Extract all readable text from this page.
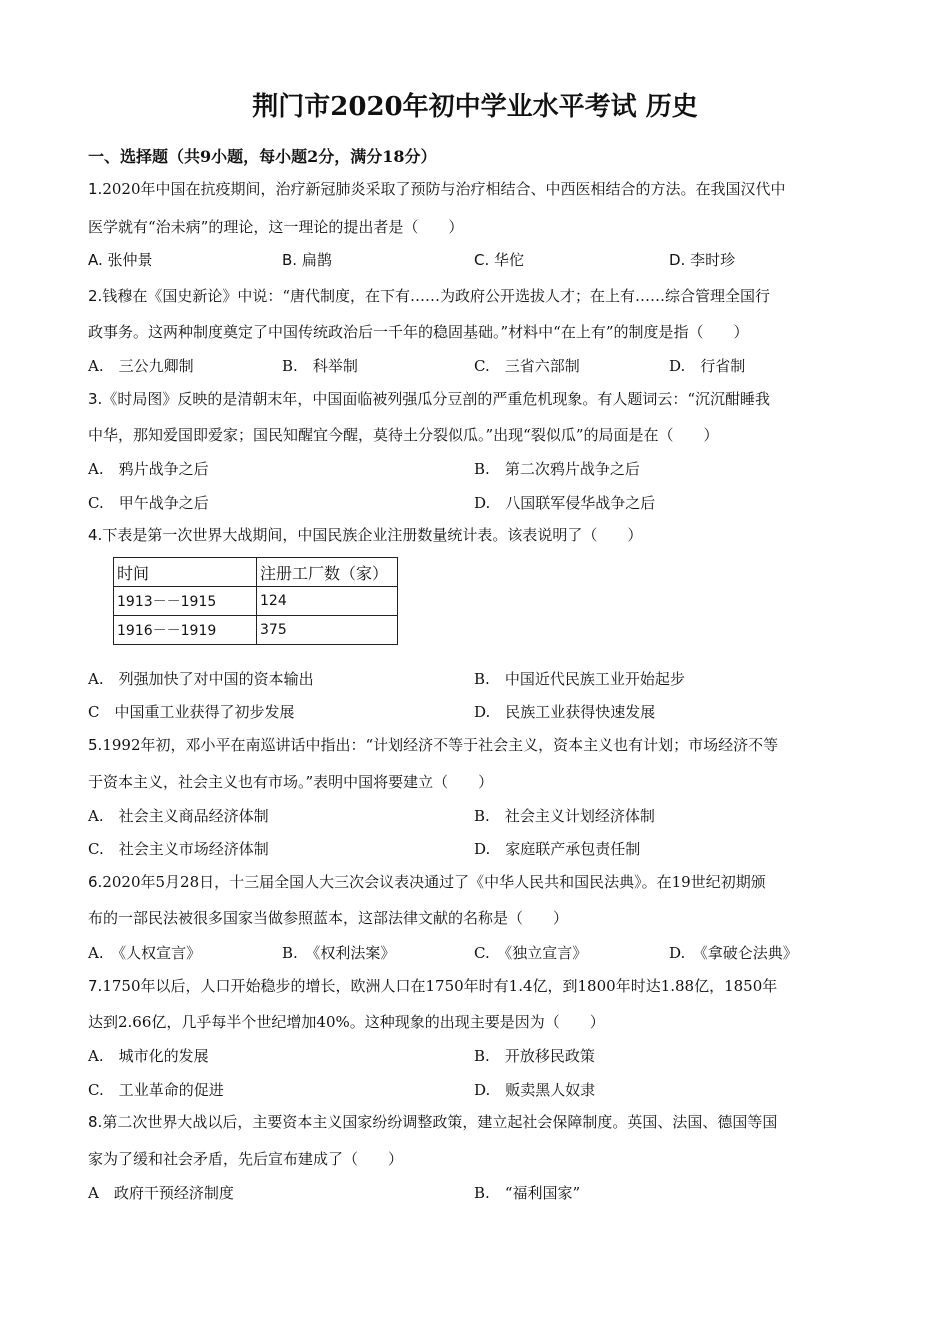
荆门市2020年初中学业水平考试 历史
一、选择题（共9小题，每小题2分，满分18分）
1.2020年中国在抗疫期间，治疗新冠肺炎采取了预防与治疗相结合、中西医相结合的方法。在我国汉代中
医学就有“治未病”的理论，这一理论的提出者是（　　）
A. 张仲景	B. 扁鹊	C. 华佗	D. 李时珍
2.钱穆在《国史新论》中说：“唐代制度，在下有……为政府公开选拔人才；在上有……综合管理全国行
政事务。这两种制度奠定了中国传统政治后一千年的稳固基础。”材料中“在上有”的制度是指（　　）
A.　 三公九卿制	B.　 科举制	C.　 三省六部制	D.　 行省制
3.《时局图》反映的是清朝末年，中国面临被列强瓜分豆剖的严重危机现象。有人题词云：“沉沉酣睡我
中华，那知爱国即爱家；国民知醒宜今醒，莫待土分裂似瓜。”出现“裂似瓜”的局面是在（　　）
A.　 鸦片战争之后	B.　 第二次鸦片战争之后
C.　 甲午战争之后	D.　 八国联军侵华战争之后
4.下表是第一次世界大战期间，中国民族企业注册数量统计表。该表说明了（　　）
时间	注册工厂数（家）
1913－－1915	124
1916－－1919	375
A.　 列强加快了对中国的资本输出	B.　 中国近代民族工业开始起步
C　 中国重工业获得了初步发展	D.　 民族工业获得快速发展
5.1992年初，邓小平在南巡讲话中指出：“计划经济不等于社会主义，资本主义也有计划；市场经济不等
于资本主义，社会主义也有市场。”表明中国将要建立（　　）
A.　 社会主义商品经济体制	B.　 社会主义计划经济体制
C.　 社会主义市场经济体制	D.　 家庭联产承包责任制
6.2020年5月28日，十三届全国人大三次会议表决通过了《中华人民共和国民法典》。在19世纪初期颁
布的一部民法被很多国家当做参照蓝本，这部法律文献的名称是（　　）
A.　 《人权宣言》	B.　 《权利法案》	C.　 《独立宣言》	D.　 《拿破仑法典》
7.1750年以后，人口开始稳步的增长，欧洲人口在1750年时有1.4亿，到1800年时达1.88亿，1850年
达到2.66亿，几乎每半个世纪增加40%。这种现象的出现主要是因为（　　）
A.　 城市化的发展	B.　 开放移民政策
C.　 工业革命的促进	D.　 贩卖黑人奴隶
8.第二次世界大战以后，主要资本主义国家纷纷调整政策，建立起社会保障制度。英国、法国、德国等国
家为了缓和社会矛盾，先后宣布建成了（　　）
A　 政府干预经济制度	B.　 “福利国家”
